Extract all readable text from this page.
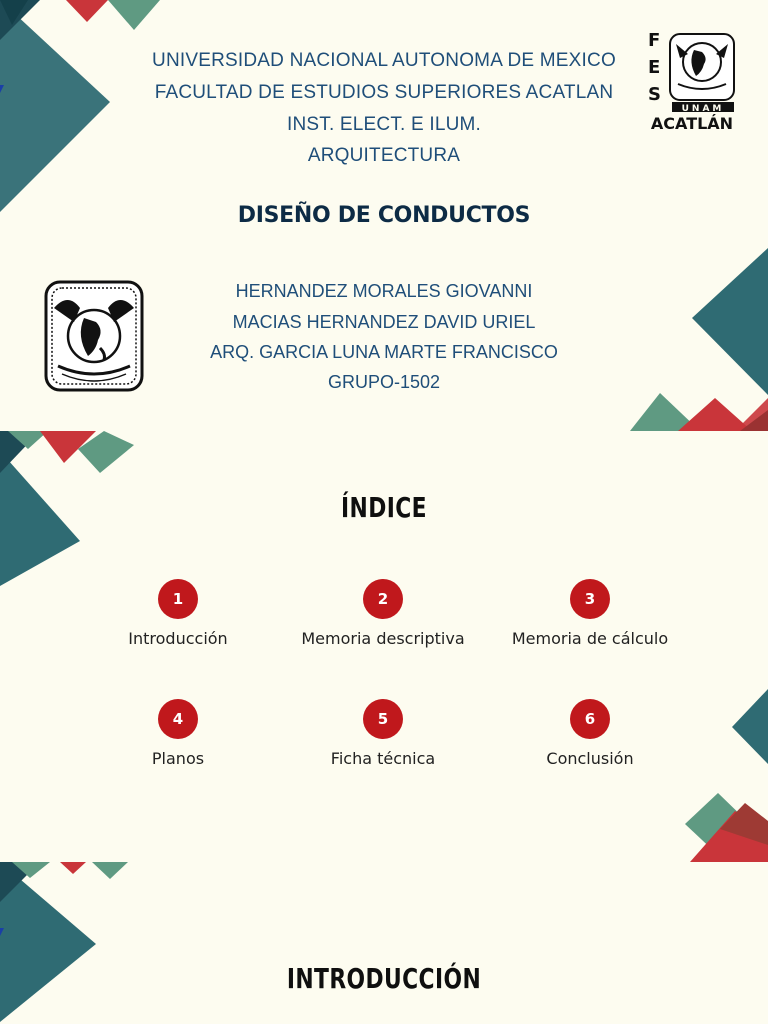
UNIVERSIDAD NACIONAL AUTONOMA DE MEXICO
FACULTAD DE ESTUDIOS SUPERIORES ACATLAN
INST. ELECT. E ILUM.
ARQUITECTURA
F
E
S
UNAM
ACATLÁN
DISEÑO DE CONDUCTOS
HERNANDEZ MORALES GIOVANNI
MACIAS HERNANDEZ DAVID URIEL
ARQ. GARCIA LUNA MARTE FRANCISCO
GRUPO-1502
ÍNDICE
1
Introducción
2
Memoria descriptiva
3
Memoria de cálculo
4
Planos
5
Ficha técnica
6
Conclusión
INTRODUCCIÓN
